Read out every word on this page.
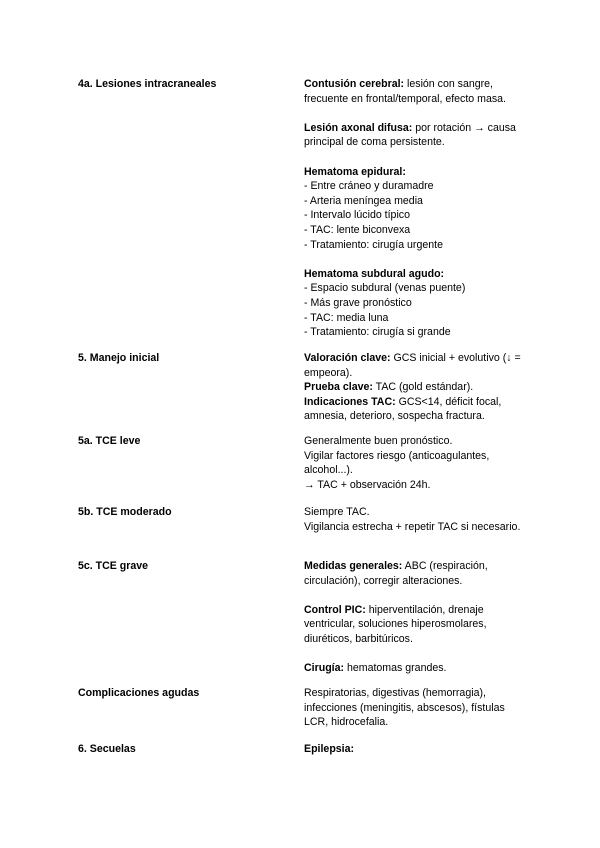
4a. Lesiones intracraneales	Contusión cerebral: lesión con sangre, frecuente en frontal/temporal, efecto masa.

Lesión axonal difusa: por rotación → causa principal de coma persistente.

Hematoma epidural:
- Entre cráneo y duramadre
- Arteria meníngea media
- Intervalo lúcido típico
- TAC: lente biconvexa
- Tratamiento: cirugía urgente

Hematoma subdural agudo:
- Espacio subdural (venas puente)
- Más grave pronóstico
- TAC: media luna
- Tratamiento: cirugía si grande

5. Manejo inicial	Valoración clave: GCS inicial + evolutivo (↓ = empeora).

Prueba clave: TAC (gold estándar).

Indicaciones TAC: GCS<14, déficit focal, amnesia, deterioro, sospecha fractura.

5a. TCE leve	Generalmente buen pronóstico.
Vigilar factores riesgo (anticoagulantes, alcohol...).
→ TAC + observación 24h.

5b. TCE moderado	Siempre TAC.
Vigilancia estrecha + repetir TAC si necesario.

5c. TCE grave	Medidas generales: ABC (respiración, circulación), corregir alteraciones.

Control PIC: hiperventilación, drenaje ventricular, soluciones hiperosmolares, diuréticos, barbitúricos.

Cirugía: hematomas grandes.

Complicaciones agudas	Respiratorias, digestivas (hemorragia), infecciones (meningitis, abscesos), fístulas LCR, hidrocefalia.

6. Secuelas	Epilepsia:
